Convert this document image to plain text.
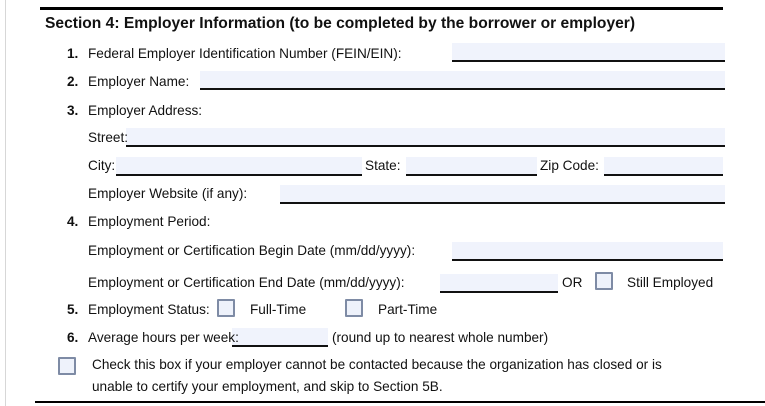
Section 4: Employer Information (to be completed by the borrower or employer)
1. Federal Employer Identification Number (FEIN/EIN):
2. Employer Name:
3. Employer Address:
Street:
City:	State:	Zip Code:
Employer Website (if any):
4. Employment Period:
Employment or Certification Begin Date (mm/dd/yyyy):
Employment or Certification End Date (mm/dd/yyyy):	OR	Still Employed
5. Employment Status:	Full-Time	Part-Time
6. Average hours per week:	(round up to nearest whole number)
Check this box if your employer cannot be contacted because the organization has closed or is
unable to certify your employment, and skip to Section 5B.
